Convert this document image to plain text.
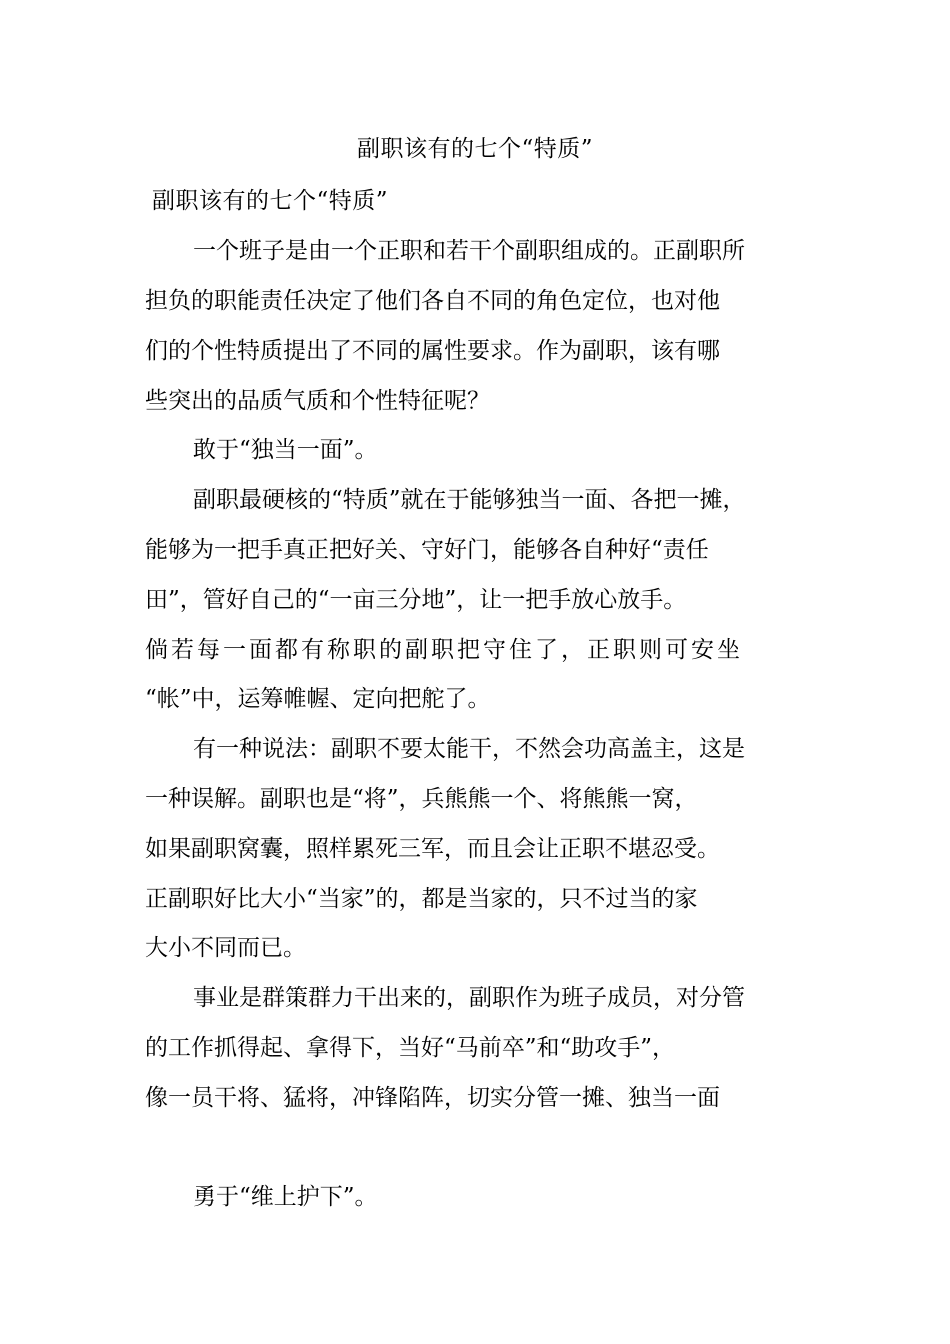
副职该有的七个“特质”
副职该有的七个“特质”
一个班子是由一个正职和若干个副职组成的。正副职所
担负的职能责任决定了他们各自不同的角色定位，也对他
们的个性特质提出了不同的属性要求。作为副职，该有哪
些突出的品质气质和个性特征呢？
敢于“独当一面”。
副职最硬核的“特质”就在于能够独当一面、各把一摊，
能够为一把手真正把好关、守好门，能够各自种好“责任
田”，管好自己的“一亩三分地”，让一把手放心放手。
倘若每一面都有称职的副职把守住了，正职则可安坐
“帐”中，运筹帷幄、定向把舵了。
有一种说法：副职不要太能干，不然会功高盖主，这是
一种误解。副职也是“将”，兵熊熊一个、将熊熊一窝，
如果副职窝囊，照样累死三军，而且会让正职不堪忍受。
正副职好比大小“当家”的，都是当家的，只不过当的家
大小不同而已。
事业是群策群力干出来的，副职作为班子成员，对分管
的工作抓得起、拿得下，当好“马前卒”和“助攻手”，
像一员干将、猛将，冲锋陷阵，切实分管一摊、独当一面
勇于“维上护下”。
